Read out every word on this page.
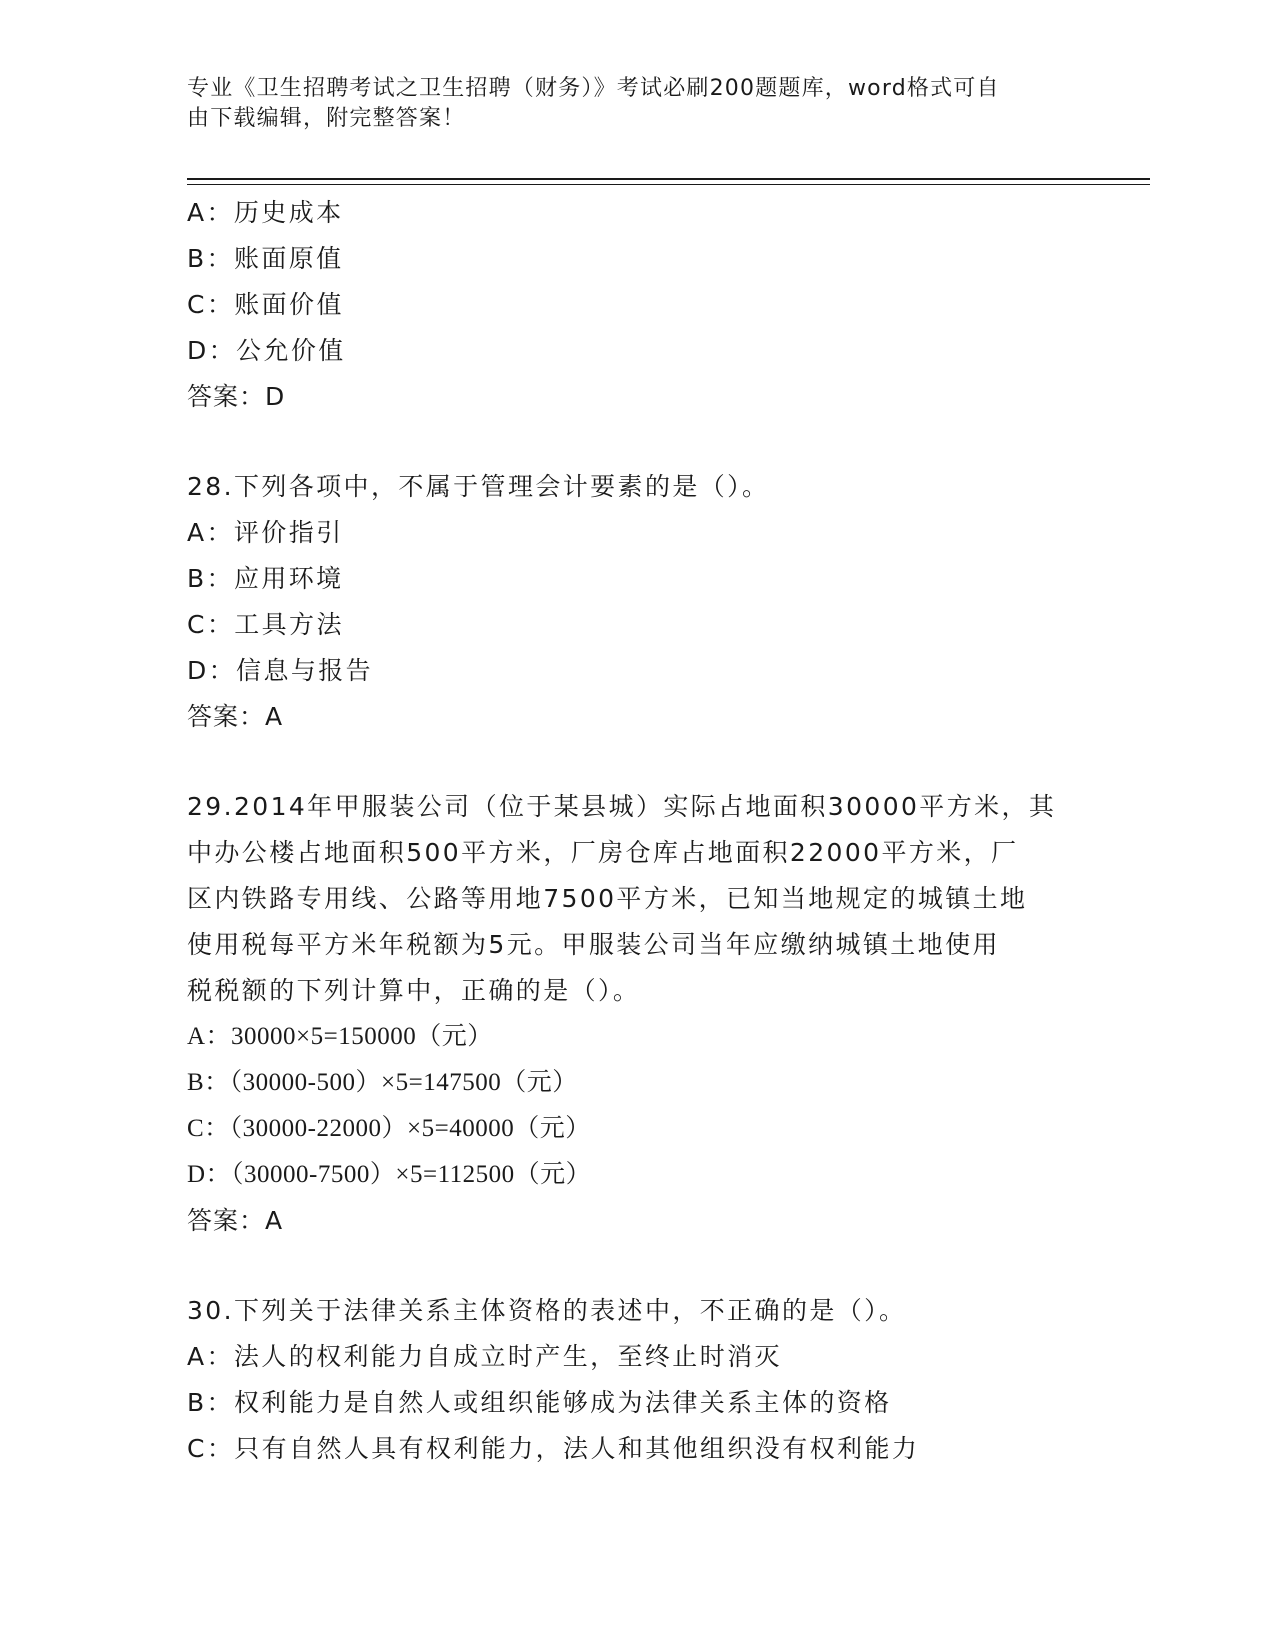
专业《卫生招聘考试之卫生招聘（财务）》考试必刷200题题库，word格式可自
由下载编辑，附完整答案！
A：历史成本
B：账面原值
C：账面价值
D：公允价值
答案：D
28.下列各项中，不属于管理会计要素的是（）。
A：评价指引
B：应用环境
C：工具方法
D：信息与报告
答案：A
29.2014年甲服装公司（位于某县城）实际占地面积30000平方米，其
中办公楼占地面积500平方米，厂房仓库占地面积22000平方米，厂
区内铁路专用线、公路等用地7500平方米，已知当地规定的城镇土地
使用税每平方米年税额为5元。甲服装公司当年应缴纳城镇土地使用
税税额的下列计算中，正确的是（）。
A：30000×5=150000（元）
B：（30000-500）×5=147500（元）
C：（30000-22000）×5=40000（元）
D：（30000-7500）×5=112500（元）
答案：A
30.下列关于法律关系主体资格的表述中，不正确的是（）。
A：法人的权利能力自成立时产生，至终止时消灭
B：权利能力是自然人或组织能够成为法律关系主体的资格
C：只有自然人具有权利能力，法人和其他组织没有权利能力
